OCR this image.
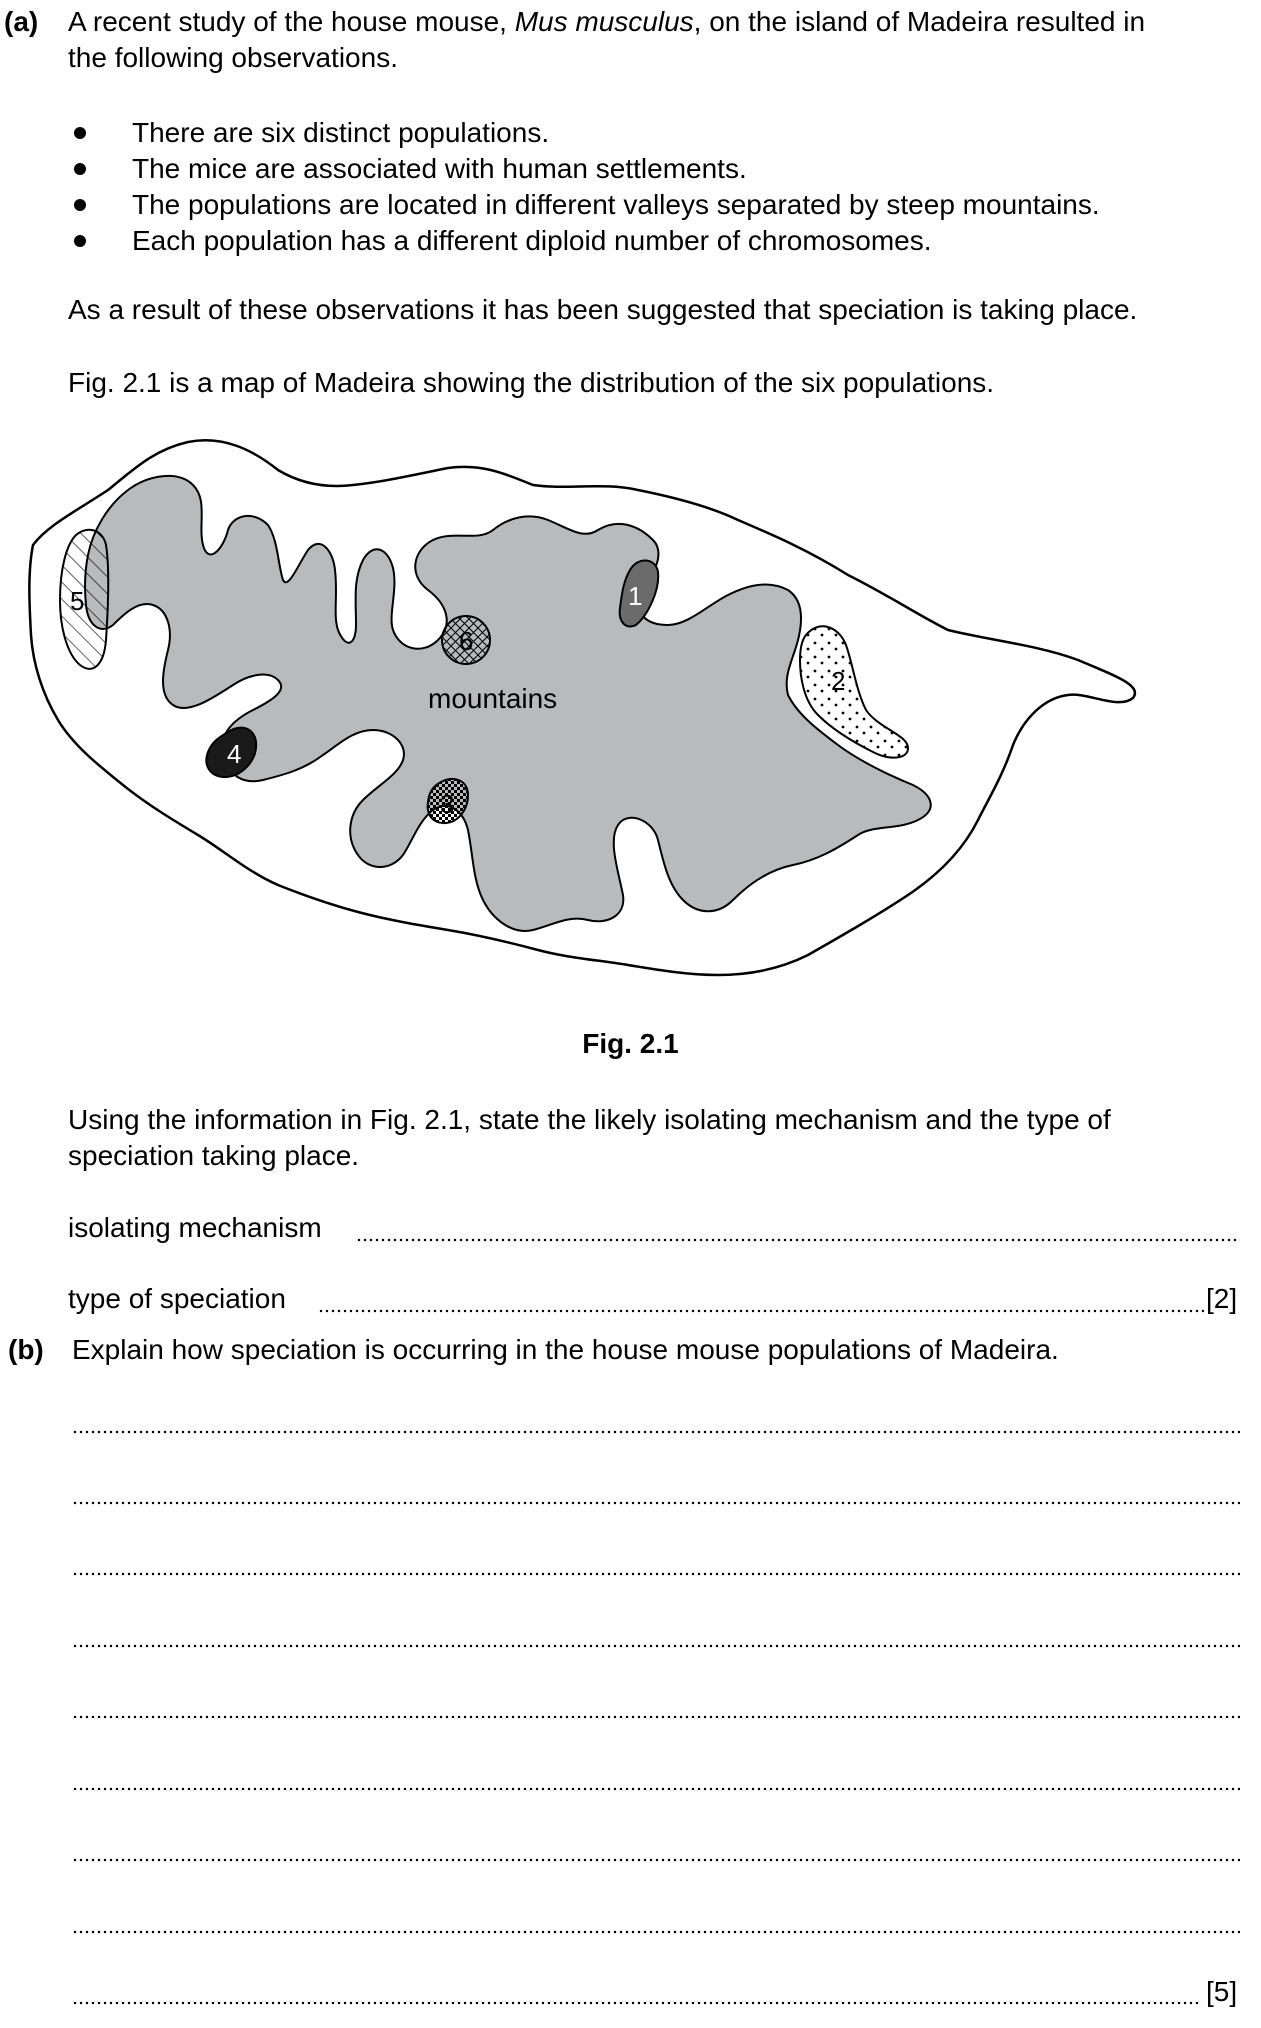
(a) A recent study of the house mouse, Mus musculus, on the island of Madeira resulted in
the following observations.
There are six distinct populations.
The mice are associated with human settlements.
The populations are located in different valleys separated by steep mountains.
Each population has a different diploid number of chromosomes.
As a result of these observations it has been suggested that speciation is taking place.
Fig. 2.1 is a map of Madeira showing the distribution of the six populations.
5
6
1
2
4
3
mountains
Fig. 2.1
Using the information in Fig. 2.1, state the likely isolating mechanism and the type of
speciation taking place.
isolating mechanism
type of speciation	[2]
(b) Explain how speciation is occurring in the house mouse populations of Madeira.
[5]
